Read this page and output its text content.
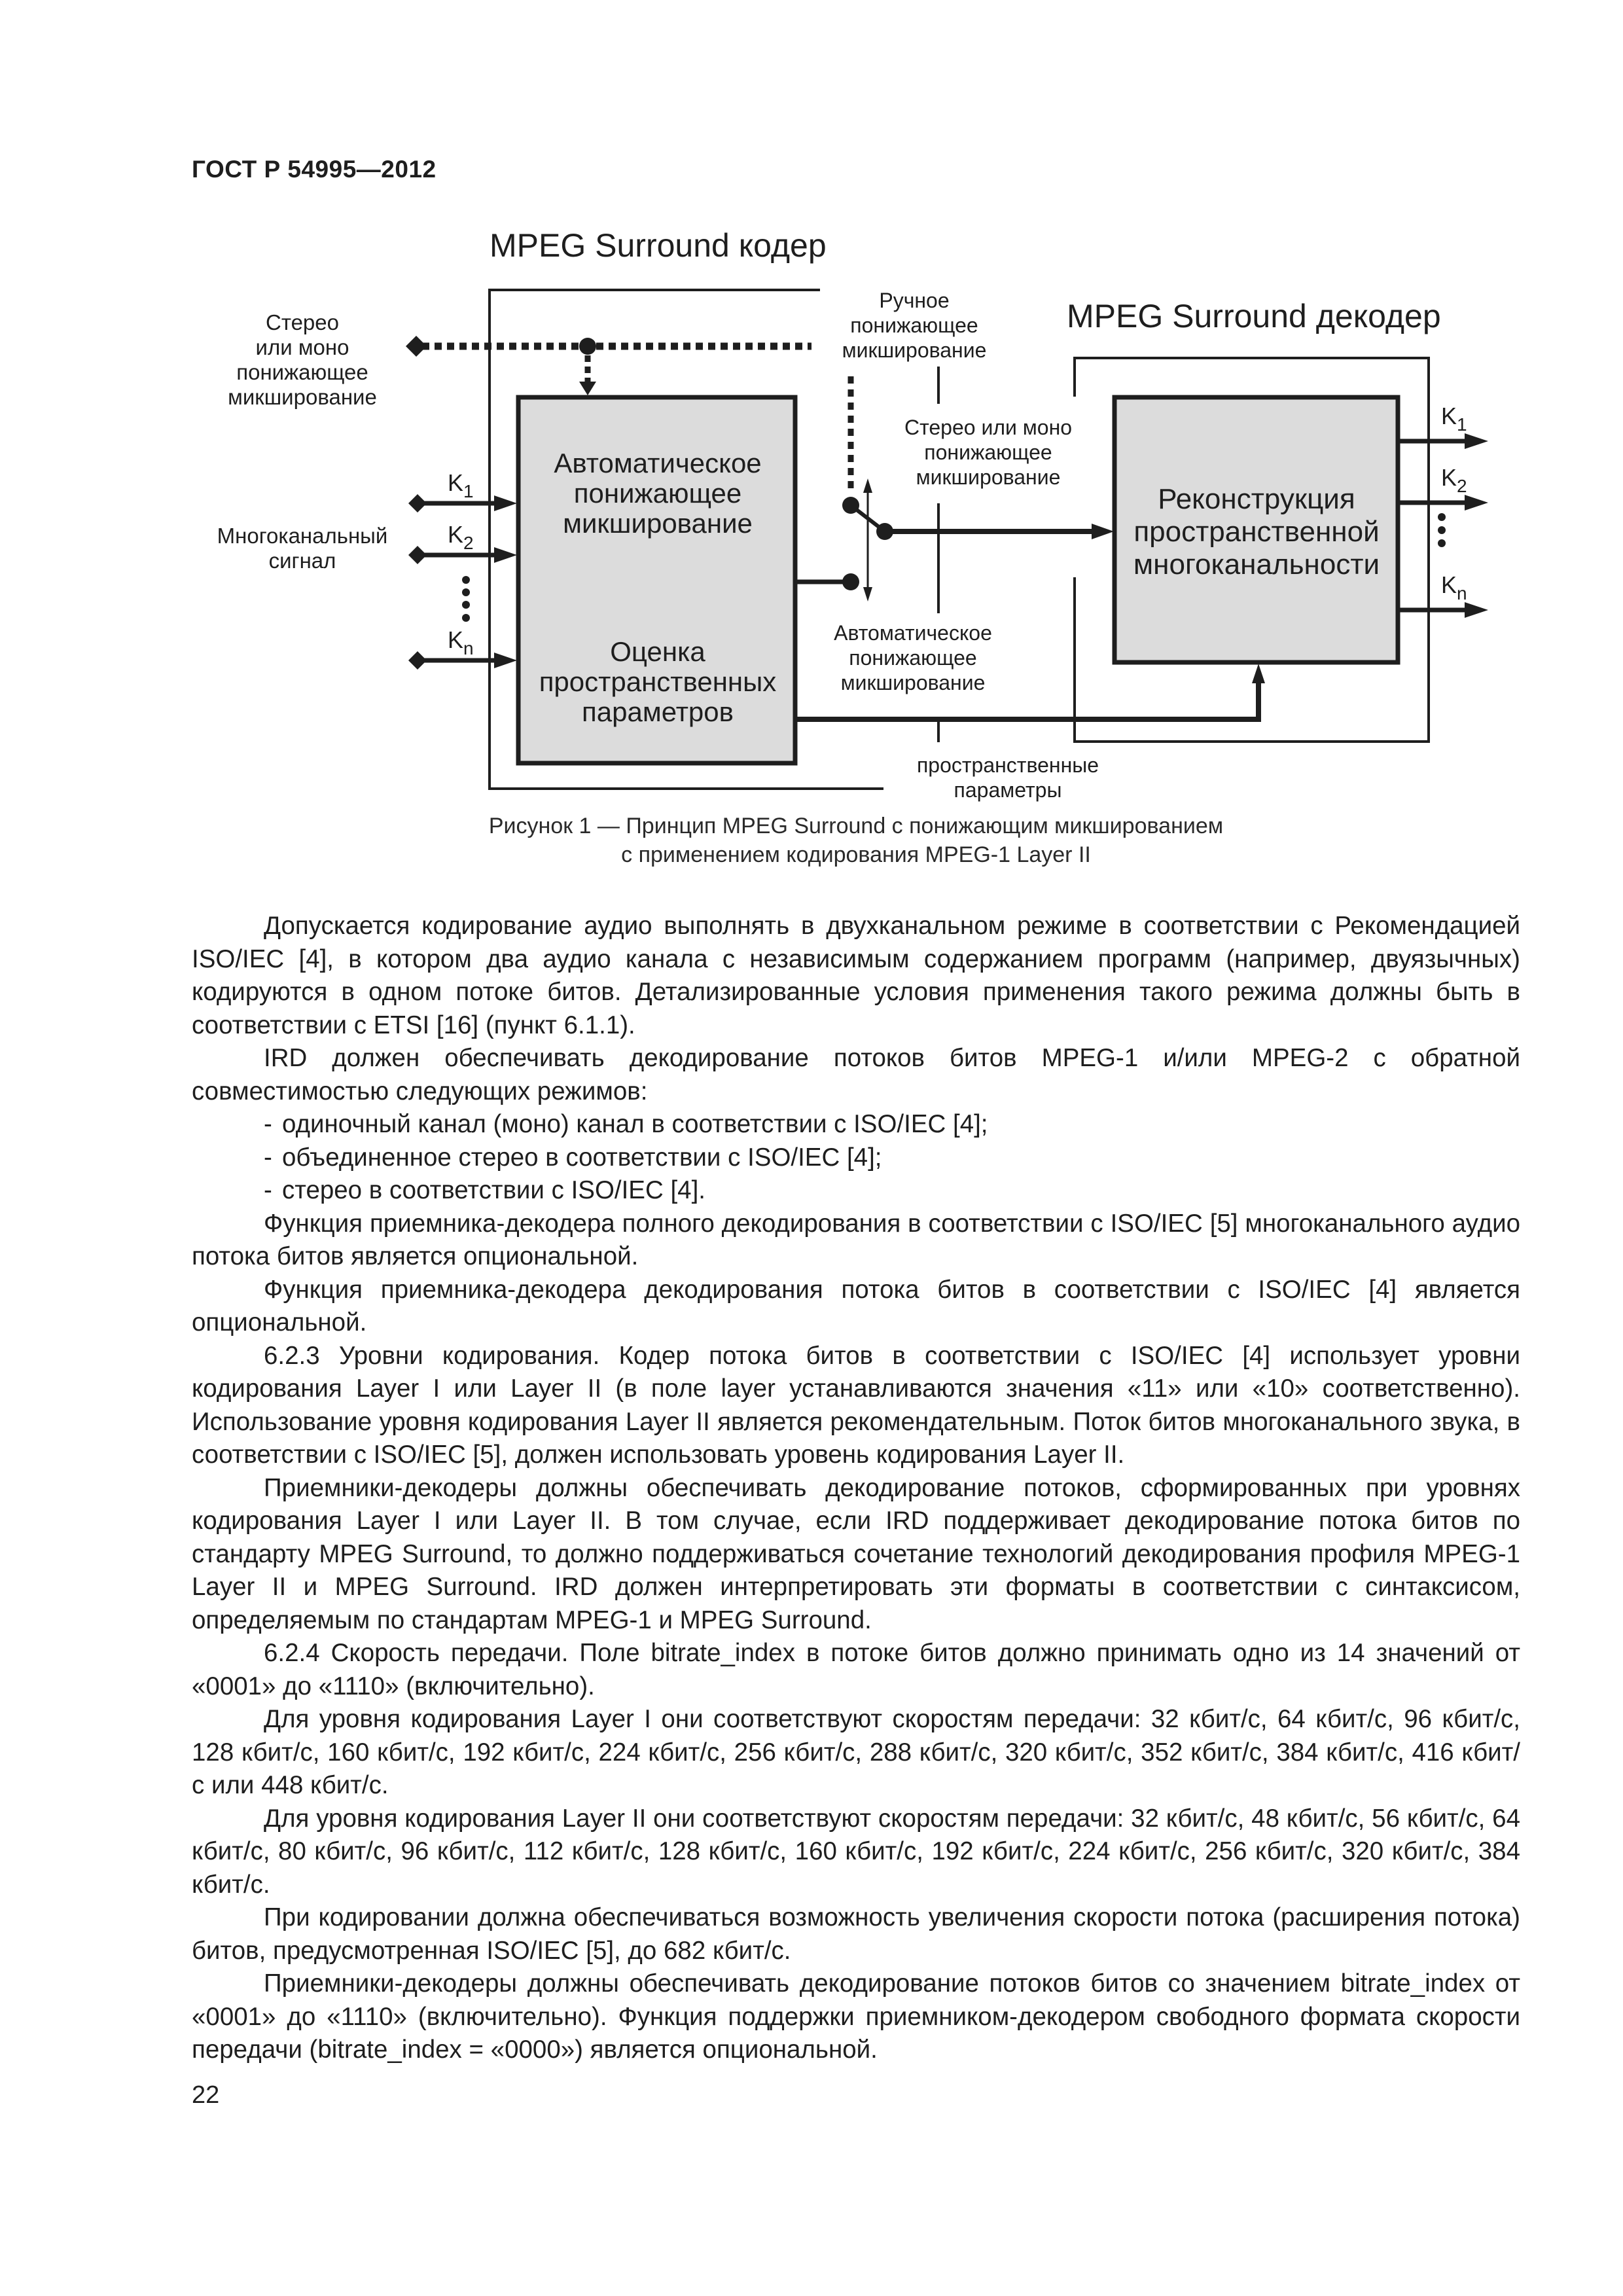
ГОСТ Р 54995—2012
MPEG Surround кодер
MPEG Surround декодер
Автоматическое
понижающее
микширование
Оценка
пространственных
параметров
Реконструкция
пространственной
многоканальности
Стерео
или моно
понижающее
микширование
Многоканальный
сигнал
$K_1$
$K_2$
$K_n$
Ручное
понижающее
микширование
Стерео или моно
понижающее
микширование
Автоматическое
понижающее
микширование
пространственные
параметры
$K_1$
$K_2$
$K_n$
Рисунок 1 — Принцип MPEG Surround с понижающим микшированием
с применением кодирования MPEG-1 Layer II

Допускается кодирование аудио выполнять в двухканальном режиме в соответствии с Рекомендацией ISO/IEC [4], в котором два аудио канала с независимым содержанием программ (например, двуязычных) кодируются в одном потоке битов. Детализированные условия применения такого режима должны быть в соответствии с ETSI [16] (пункт 6.1.1).

IRD должен обеспечивать декодирование потоков битов MPEG-1 и/или MPEG-2 с обратной совместимостью следующих режимов:

- одиночный канал (моно) канал в соответствии с ISO/IEC [4];

- объединенное стерео в соответствии с ISO/IEC [4];

- стерео в соответствии с ISO/IEC [4].

Функция приемника-декодера полного декодирования в соответствии с ISO/IEC [5] многоканального аудио потока битов является опциональной.

Функция приемника-декодера декодирования потока битов в соответствии с ISO/IEC [4] является опциональной.

6.2.3 Уровни кодирования. Кодер потока битов в соответствии с ISO/IEC [4] использует уровни кодирования Layer I или Layer II (в поле layer устанавливаются значения «11» или «10» соответственно). Использование уровня кодирования Layer II является рекомендательным. Поток битов многоканального звука, в соответствии с ISO/IEC [5], должен использовать уровень кодирования Layer II.

Приемники-декодеры должны обеспечивать декодирование потоков, сформированных при уровнях кодирования Layer I или Layer II. В том случае, если IRD поддерживает декодирование потока битов по стандарту MPEG Surround, то должно поддерживаться сочетание технологий декодирования профиля MPEG-1 Layer II и MPEG Surround. IRD должен интерпретировать эти форматы в соответствии с синтаксисом, определяемым по стандартам MPEG-1 и MPEG Surround.

6.2.4 Скорость передачи. Поле bitrate_index в потоке битов должно принимать одно из 14 значений от «0001» до «1110» (включительно).

Для уровня кодирования Layer I они соответствуют скоростям передачи: 32 кбит/с, 64 кбит/с, 96 кбит/с, 128 кбит/с, 160 кбит/с, 192 кбит/с, 224 кбит/с, 256 кбит/с, 288 кбит/с, 320 кбит/с, 352 кбит/с, 384 кбит/с, 416 кбит/с или 448 кбит/с.

Для уровня кодирования Layer II они соответствуют скоростям передачи: 32 кбит/с, 48 кбит/с, 56 кбит/с, 64 кбит/с, 80 кбит/с, 96 кбит/с, 112 кбит/с, 128 кбит/с, 160 кбит/с, 192 кбит/с, 224 кбит/с, 256 кбит/с, 320 кбит/с, 384 кбит/с.

При кодировании должна обеспечиваться возможность увеличения скорости потока (расширения потока) битов, предусмотренная ISO/IEC [5], до 682 кбит/с.

Приемники-декодеры должны обеспечивать декодирование потоков битов со значением bitrate_index от «0001» до «1110» (включительно). Функция поддержки приемником-декодером свободного формата скорости передачи (bitrate_index = «0000») является опциональной.

22
